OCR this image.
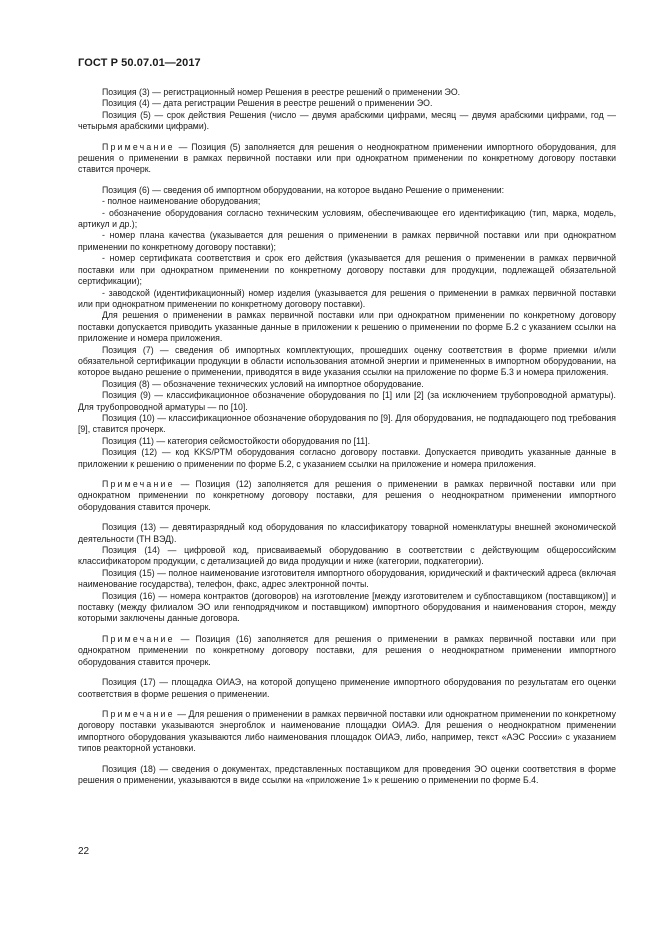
ГОСТ Р 50.07.01—2017

Позиция (3) — регистрационный номер Решения в реестре решений о применении ЭО.

Позиция (4) — дата регистрации Решения в реестре решений о применении ЭО.

Позиция (5) — срок действия Решения (число — двумя арабскими цифрами, месяц — двумя арабскими цифрами, год — четырьмя арабскими цифрами).

Примечание — Позиция (5) заполняется для решения о неоднократном применении импортного оборудования, для решения о применении в рамках первичной поставки или при однократном применении по конкретному договору поставки ставится прочерк.

Позиция (6) — сведения об импортном оборудовании, на которое выдано Решение о применении:

- полное наименование оборудования;

- обозначение оборудования согласно техническим условиям, обеспечивающее его идентификацию (тип, марка, модель, артикул и др.);

- номер плана качества (указывается для решения о применении в рамках первичной поставки или при однократном применении по конкретному договору поставки);

- номер сертификата соответствия и срок его действия (указывается для решения о применении в рамках первичной поставки или при однократном применении по конкретному договору поставки для продукции, подлежащей обязательной сертификации);

- заводской (идентификационный) номер изделия (указывается для решения о применении в рамках первичной поставки или при однократном применении по конкретному договору поставки).

Для решения о применении в рамках первичной поставки или при однократном применении по конкретному договору поставки допускается приводить указанные данные в приложении к решению о применении по форме Б.2 с указанием ссылки на приложение и номера приложения.

Позиция (7) — сведения об импортных комплектующих, прошедших оценку соответствия в форме приемки и/или обязательной сертификации продукции в области использования атомной энергии и примененных в импортном оборудовании, на которое выдано решение о применении, приводятся в виде указания ссылки на приложение по форме Б.3 и номера приложения.

Позиция (8) — обозначение технических условий на импортное оборудование.

Позиция (9) — классификационное обозначение оборудования по [1] или [2] (за исключением трубопроводной арматуры). Для трубопроводной арматуры — по [10].

Позиция (10) — классификационное обозначение оборудования по [9]. Для оборудования, не подпадающего под требования [9], ставится прочерк.

Позиция (11) — категория сейсмостойкости оборудования по [11].

Позиция (12) — код KKS/PTM оборудования согласно договору поставки. Допускается приводить указанные данные в приложении к решению о применении по форме Б.2, с указанием ссылки на приложение и номера приложения.

Примечание — Позиция (12) заполняется для решения о применении в рамках первичной поставки или при однократном применении по конкретному договору поставки, для решения о неоднократном применении импортного оборудования ставится прочерк.

Позиция (13) — девятиразрядный код оборудования по классификатору товарной номенклатуры внешней экономической деятельности (ТН ВЭД).

Позиция (14) — цифровой код, присваиваемый оборудованию в соответствии с действующим общероссийским классификатором продукции, с детализацией до вида продукции и ниже (категории, подкатегории).

Позиция (15) — полное наименование изготовителя импортного оборудования, юридический и фактический адреса (включая наименование государства), телефон, факс, адрес электронной почты.

Позиция (16) — номера контрактов (договоров) на изготовление [между изготовителем и субпоставщиком (поставщиком)] и поставку (между филиалом ЭО или генподрядчиком и поставщиком) импортного оборудования и наименования сторон, между которыми заключены данные договора.

Примечание — Позиция (16) заполняется для решения о применении в рамках первичной поставки или при однократном применении по конкретному договору поставки, для решения о неоднократном применении импортного оборудования ставится прочерк.

Позиция (17) — площадка ОИАЭ, на которой допущено применение импортного оборудования по результатам его оценки соответствия в форме решения о применении.

Примечание — Для решения о применении в рамках первичной поставки или однократном применении по конкретному договору поставки указываются энергоблок и наименование площадки ОИАЭ. Для решения о неоднократном применении импортного оборудования указываются либо наименования площадок ОИАЭ, либо, например, текст «АЭС России» с указанием типов реакторной установки.

Позиция (18) — сведения о документах, представленных поставщиком для проведения ЭО оценки соответствия в форме решения о применении, указываются в виде ссылки на «приложение 1» к решению о применении по форме Б.4.

22
